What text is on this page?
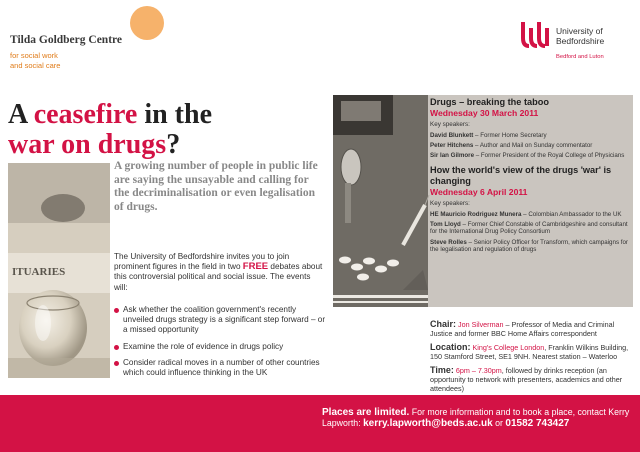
Tilda Goldberg Centre
for social work
and social care
University of
Bedfordshire
Bedford and Luton
A ceasefire in the
war on drugs?
ITUARIES
A growing number of people in public life are saying the unsayable and calling for the decriminalisation or even legalisation of drugs.
The University of Bedfordshire invites you to join prominent figures in the field in two FREE debates about this controversial political and social issue. The events will:
Ask whether the coalition government's recently unveiled drugs strategy is a significant step forward – or a missed opportunity
Examine the role of evidence in drugs policy
Consider radical moves in a number of other countries which could influence thinking in the UK
Drugs – breaking the taboo
Wednesday 30 March 2011
Key speakers:
David Blunkett – Former Home Secretary
Peter Hitchens – Author and Mail on Sunday commentator
Sir Ian Gilmore – Former President of the Royal College of Physicians
How the world's view of the drugs 'war' is changing
Wednesday 6 April 2011
Key speakers:
HE Mauricio Rodriguez Munera – Colombian Ambassador to the UK
Tom Lloyd – Former Chief Constable of Cambridgeshire and consultant for the International Drug Policy Consortium
Steve Rolles – Senior Policy Officer for Transform, which campaigns for the legalisation and regulation of drugs
Chair: Jon Silverman – Professor of Media and Criminal Justice and former BBC Home Affairs correspondent
Location: King's College London, Franklin Wilkins Building, 150 Stamford Street, SE1 9NH. Nearest station – Waterloo
Time: 6pm – 7.30pm, followed by drinks reception (an opportunity to network with presenters, academics and other attendees)
Places are limited. For more information and to book a place, contact Kerry Lapworth: kerry.lapworth@beds.ac.uk or 01582 743427
